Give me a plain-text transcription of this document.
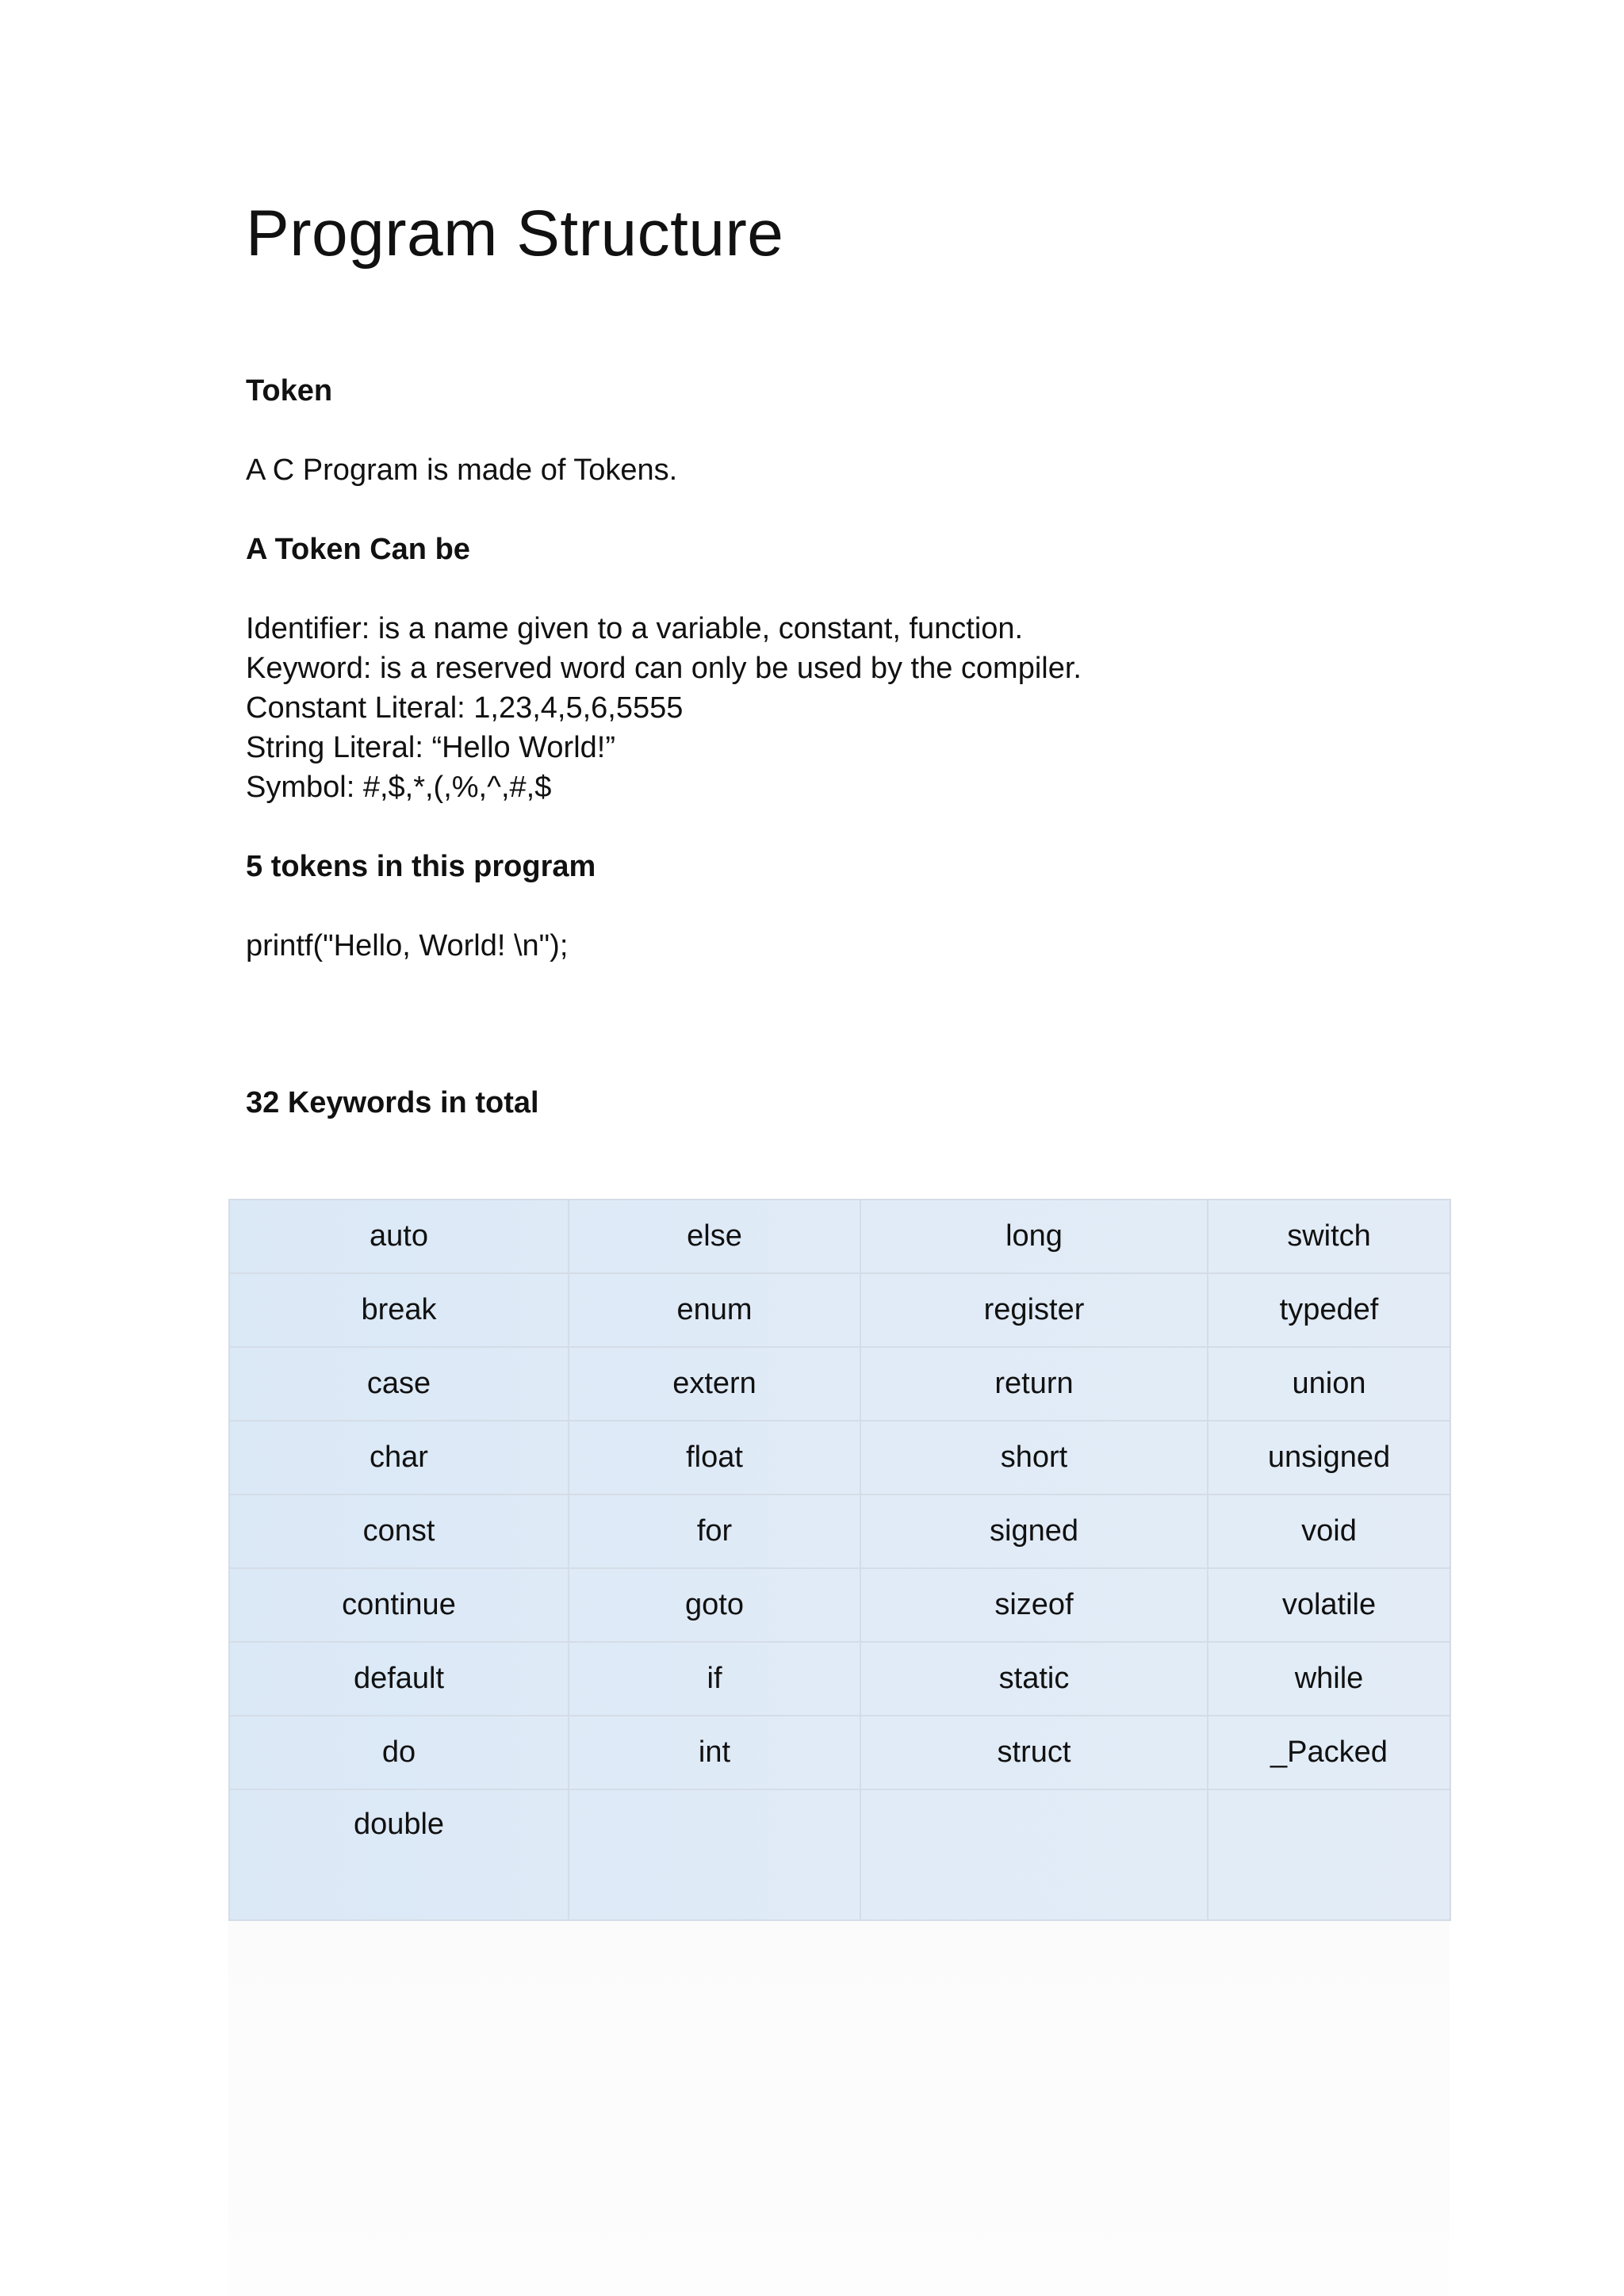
Program Structure

Token

A C Program is made of Tokens.

A Token Can be

Identifier: is a name given to a variable, constant, function.

Keyword: is a reserved word can only be used by the compiler.

Constant Literal: 1,23,4,5,6,5555

String Literal: “Hello World!”

Symbol: #,$,*,(,%,^,#,$

5 tokens in this program

printf("Hello, World! \n");

32 Keywords in total

auto	else	long	switch
break	enum	register	typedef
case	extern	return	union
char	float	short	unsigned
const	for	signed	void
continue	goto	sizeof	volatile
default	if	static	while
do	int	struct	_Packed
double			
